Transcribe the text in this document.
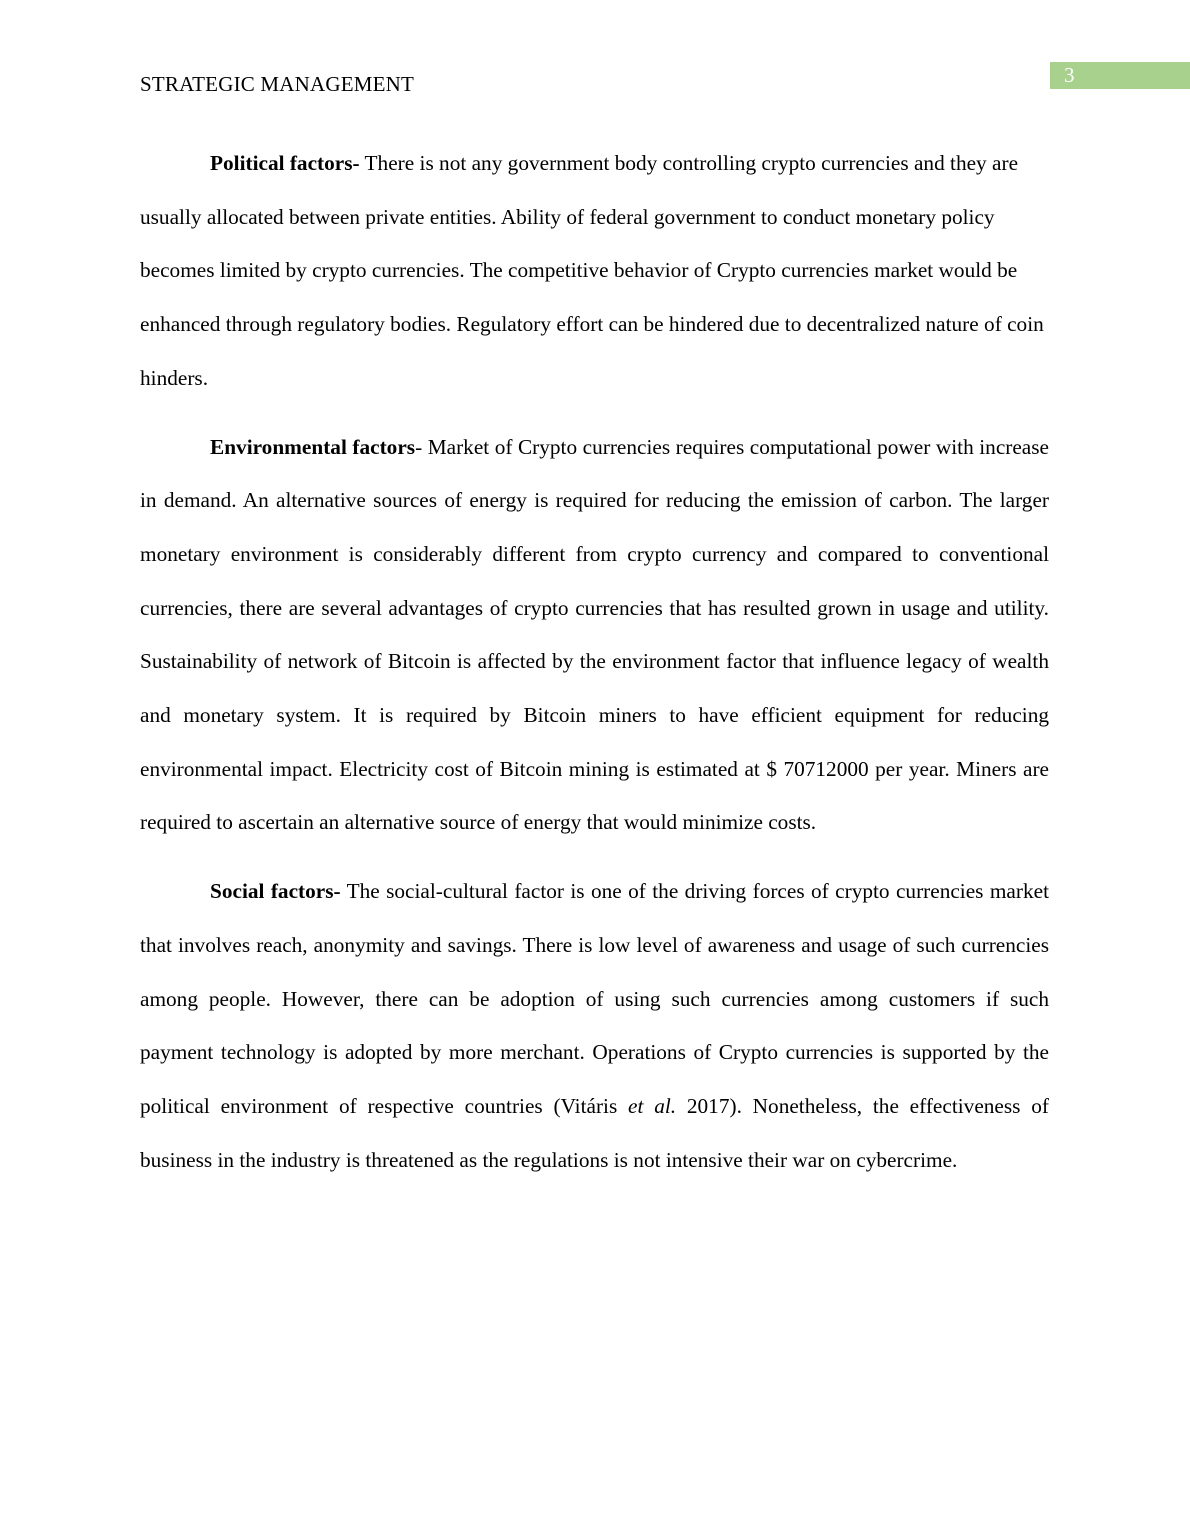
STRATEGIC MANAGEMENT	3

Political factors- There is not any government body controlling crypto currencies and they are usually allocated between private entities. Ability of federal government to conduct monetary policy becomes limited by crypto currencies. The competitive behavior of Crypto currencies market would be enhanced through regulatory bodies. Regulatory effort can be hindered due to decentralized nature of coin hinders.

Environmental factors- Market of Crypto currencies requires computational power with increase in demand. An alternative sources of energy is required for reducing the emission of carbon. The larger monetary environment is considerably different from crypto currency and compared to conventional currencies, there are several advantages of crypto currencies that has resulted grown in usage and utility. Sustainability of network of Bitcoin is affected by the environment factor that influence legacy of wealth and monetary system. It is required by Bitcoin miners to have efficient equipment for reducing environmental impact. Electricity cost of Bitcoin mining is estimated at $ 70712000 per year. Miners are required to ascertain an alternative source of energy that would minimize costs.

Social factors- The social-cultural factor is one of the driving forces of crypto currencies market that involves reach, anonymity and savings. There is low level of awareness and usage of such currencies among people. However, there can be adoption of using such currencies among customers if such payment technology is adopted by more merchant. Operations of Crypto currencies is supported by the political environment of respective countries (Vitáris et al. 2017). Nonetheless, the effectiveness of business in the industry is threatened as the regulations is not intensive their war on cybercrime.
